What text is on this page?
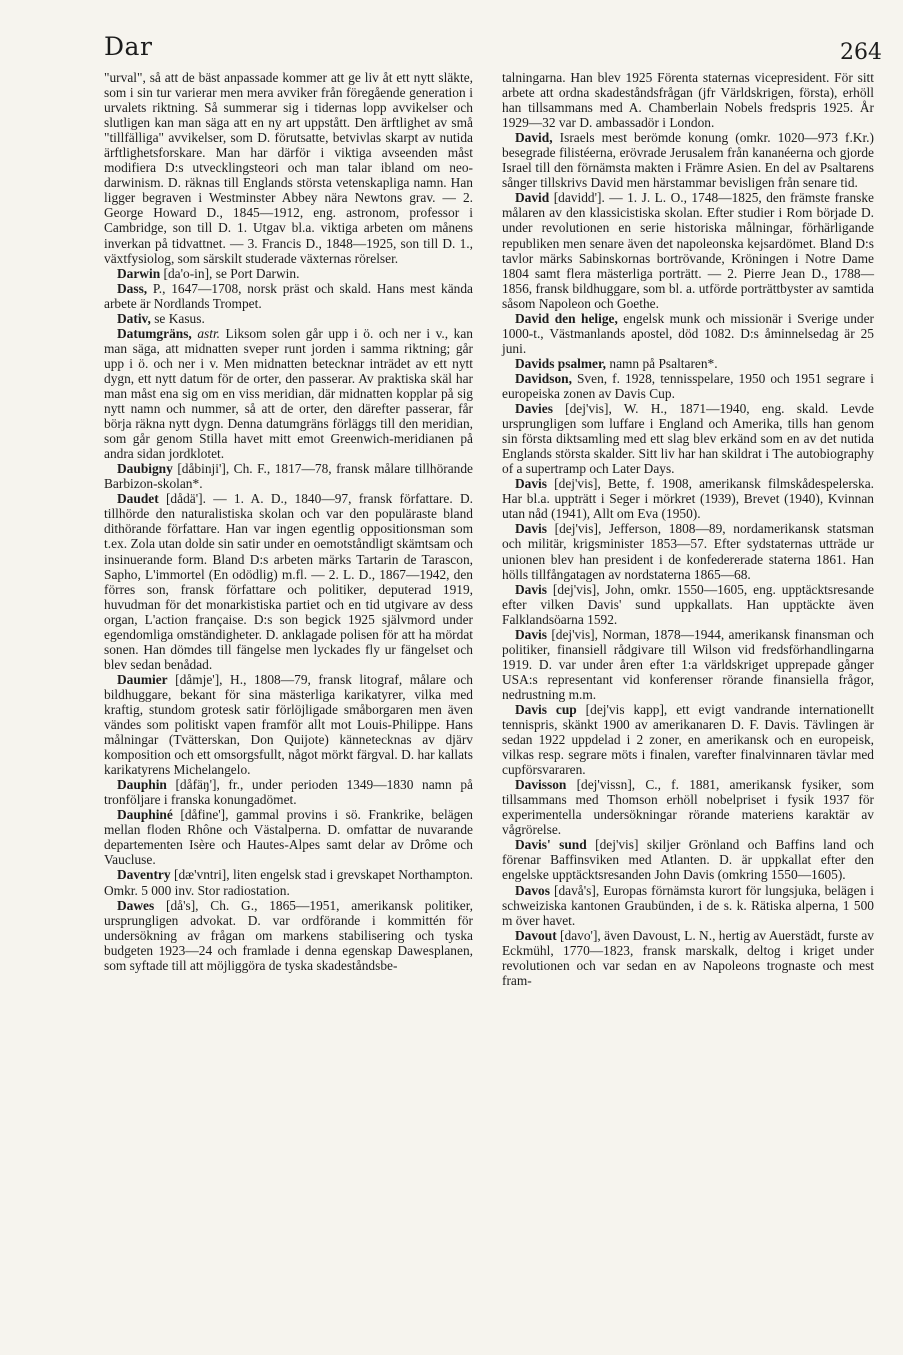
Dar	264

"urval", så att de bäst anpassade kommer att ge liv åt ett nytt släkte, som i sin tur varierar men mera avviker från föregående generation i urvalets riktning. Så summerar sig i tidernas lopp avvikelser och slutligen kan man säga att en ny art uppstått. Den ärftlighet av små "tillfälliga" avvikelser, som D. förutsatte, betvivlas skarpt av nutida ärftlighetsforskare. Man har därför i viktiga avseenden måst modifiera D:s utvecklingsteori och man talar ibland om neo-darwinism. D. räknas till Englands största vetenskapliga namn. Han ligger begraven i Westminster Abbey nära Newtons grav. — 2. George Howard D., 1845—1912, eng. astronom, professor i Cambridge, son till D. 1. Utgav bl.a. viktiga arbeten om månens inverkan på tidvattnet. — 3. Francis D., 1848—1925, son till D. 1., växtfysiolog, som särskilt studerade växternas rörelser.

Darwin [da'o-in], se Port Darwin.

Dass, P., 1647—1708, norsk präst och skald. Hans mest kända arbete är Nordlands Trompet.

Dativ, se Kasus.

Datumgräns, astr. Liksom solen går upp i ö. och ner i v., kan man säga, att midnatten sveper runt jorden i samma riktning; går upp i ö. och ner i v. Men midnatten betecknar inträdet av ett nytt dygn, ett nytt datum för de orter, den passerar. Av praktiska skäl har man måst ena sig om en viss meridian, där midnatten kopplar på sig nytt namn och nummer, så att de orter, den därefter passerar, får börja räkna nytt dygn. Denna datumgräns förläggs till den meridian, som går genom Stilla havet mitt emot Greenwich-meridianen på andra sidan jordklotet.

Daubigny [dåbinji'], Ch. F., 1817—78, fransk målare tillhörande Barbizon-skolan*.

Daudet [dådä']. — 1. A. D., 1840—97, fransk författare. D. tillhörde den naturalistiska skolan och var den populäraste bland dithörande författare. Han var ingen egentlig oppositionsman som t.ex. Zola utan dolde sin satir under en oemotståndligt skämtsam och insinuerande form. Bland D:s arbeten märks Tartarin de Tarascon, Sapho, L'immortel (En odödlig) m.fl. — 2. L. D., 1867—1942, den förres son, fransk författare och politiker, deputerad 1919, huvudman för det monarkistiska partiet och en tid utgivare av dess organ, L'action française. D:s son begick 1925 självmord under egendomliga omständigheter. D. anklagade polisen för att ha mördat sonen. Han dömdes till fängelse men lyckades fly ur fängelset och blev sedan benådad.

Daumier [dåmje'], H., 1808—79, fransk litograf, målare och bildhuggare, bekant för sina mästerliga karikatyrer, vilka med kraftig, stundom grotesk satir förlöjligade småborgaren men även vändes som politiskt vapen framför allt mot Louis-Philippe. Hans målningar (Tvätterskan, Don Quijote) kännetecknas av djärv komposition och ett omsorgsfullt, något mörkt färgval. D. har kallats karikatyrens Michelangelo.

Dauphin [dåfäŋ'], fr., under perioden 1349—1830 namn på tronföljare i franska konungadömet.

Dauphiné [dåfine'], gammal provins i sö. Frankrike, belägen mellan floden Rhône och Västalperna. D. omfattar de nuvarande departementen Isère och Hautes-Alpes samt delar av Drôme och Vaucluse.

Daventry [dæ'vntri], liten engelsk stad i grevskapet Northampton. Omkr. 5 000 inv. Stor radiostation.

Dawes [då's], Ch. G., 1865—1951, amerikansk politiker, ursprungligen advokat. D. var ordförande i kommittén för undersökning av frågan om markens stabilisering och tyska budgeten 1923—24 och framlade i denna egenskap Dawesplanen, som syftade till att möjliggöra de tyska skadeståndsbe-

talningarna. Han blev 1925 Förenta staternas vicepresident. För sitt arbete att ordna skadeståndsfrågan (jfr Världskrigen, första), erhöll han tillsammans med A. Chamberlain Nobels fredspris 1925. År 1929—32 var D. ambassadör i London.

David, Israels mest berömde konung (omkr. 1020—973 f.Kr.) besegrade filistéerna, erövrade Jerusalem från kananéerna och gjorde Israel till den förnämsta makten i Främre Asien. En del av Psaltarens sånger tillskrivs David men härstammar bevisligen från senare tid.

David [davidd']. — 1. J. L. O., 1748—1825, den främste franske målaren av den klassicistiska skolan. Efter studier i Rom började D. under revolutionen en serie historiska målningar, förhärligande republiken men senare även det napoleonska kejsardömet. Bland D:s tavlor märks Sabinskornas bortrövande, Kröningen i Notre Dame 1804 samt flera mästerliga porträtt. — 2. Pierre Jean D., 1788—1856, fransk bildhuggare, som bl. a. utförde porträttbyster av samtida såsom Napoleon och Goethe.

David den helige, engelsk munk och missionär i Sverige under 1000-t., Västmanlands apostel, död 1082. D:s åminnelsedag är 25 juni.

Davids psalmer, namn på Psaltaren*.

Davidson, Sven, f. 1928, tennisspelare, 1950 och 1951 segrare i europeiska zonen av Davis Cup.

Davies [dej'vis], W. H., 1871—1940, eng. skald. Levde ursprungligen som luffare i England och Amerika, tills han genom sin första diktsamling med ett slag blev erkänd som en av det nutida Englands största skalder. Sitt liv har han skildrat i The autobiography of a supertramp och Later Days.

Davis [dej'vis], Bette, f. 1908, amerikansk filmskådespelerska. Har bl.a. uppträtt i Seger i mörkret (1939), Brevet (1940), Kvinnan utan nåd (1941), Allt om Eva (1950).

Davis [dej'vis], Jefferson, 1808—89, nordamerikansk statsman och militär, krigsminister 1853—57. Efter sydstaternas utträde ur unionen blev han president i de konfedererade staterna 1861. Han hölls tillfångatagen av nordstaterna 1865—68.

Davis [dej'vis], John, omkr. 1550—1605, eng. upptäcktsresande efter vilken Davis' sund uppkallats. Han upptäckte även Falklandsöarna 1592.

Davis [dej'vis], Norman, 1878—1944, amerikansk finansman och politiker, finansiell rådgivare till Wilson vid fredsförhandlingarna 1919. D. var under åren efter 1:a världskriget upprepade gånger USA:s representant vid konferenser rörande finansiella frågor, nedrustning m.m.

Davis cup [dej'vis kapp], ett evigt vandrande internationellt tennispris, skänkt 1900 av amerikanaren D. F. Davis. Tävlingen är sedan 1922 uppdelad i 2 zoner, en amerikansk och en europeisk, vilkas resp. segrare möts i finalen, varefter finalvinnaren tävlar med cupförsvararen.

Davisson [dej'vissn], C., f. 1881, amerikansk fysiker, som tillsammans med Thomson erhöll nobelpriset i fysik 1937 för experimentella undersökningar rörande materiens karaktär av vågrörelse.

Davis' sund [dej'vis] skiljer Grönland och Baffins land och förenar Baffinsviken med Atlanten. D. är uppkallat efter den engelske upptäcktsresanden John Davis (omkring 1550—1605).

Davos [davå's], Europas förnämsta kurort för lungsjuka, belägen i schweiziska kantonen Graubünden, i de s. k. Rätiska alperna, 1 500 m över havet.

Davout [davo'], även Davoust, L. N., hertig av Auerstädt, furste av Eckmühl, 1770—1823, fransk marskalk, deltog i kriget under revolutionen och var sedan en av Napoleons trognaste och mest fram-
